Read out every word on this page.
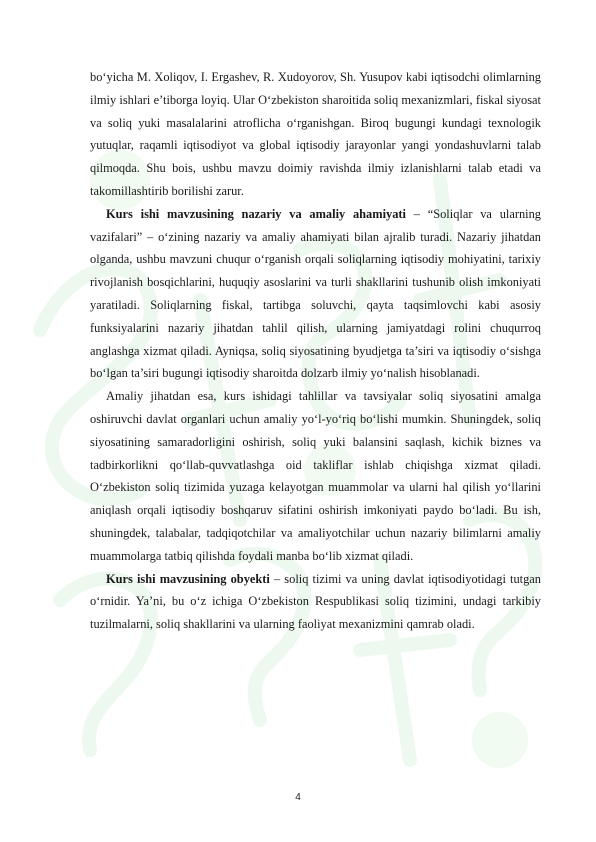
bo‘yicha M. Xoliqov, I. Ergashev, R. Xudoyorov, Sh. Yusupov kabi iqtisodchi olimlarning ilmiy ishlari e’tiborga loyiq. Ular O‘zbekiston sharoitida soliq mexanizmlari, fiskal siyosat va soliq yuki masalalarini atroflicha o‘rganishgan. Biroq bugungi kundagi texnologik yutuqlar, raqamli iqtisodiyot va global iqtisodiy jarayonlar yangi yondashuvlarni talab qilmoqda. Shu bois, ushbu mavzu doimiy ravishda ilmiy izlanishlarni talab etadi va takomillashtirib borilishi zarur.

Kurs ishi mavzusining nazariy va amaliy ahamiyati – “Soliqlar va ularning vazifalari” – o‘zining nazariy va amaliy ahamiyati bilan ajralib turadi. Nazariy jihatdan olganda, ushbu mavzuni chuqur o‘rganish orqali soliqlarning iqtisodiy mohiyatini, tarixiy rivojlanish bosqichlarini, huquqiy asoslarini va turli shakllarini tushunib olish imkoniyati yaratiladi. Soliqlarning fiskal, tartibga soluvchi, qayta taqsimlovchi kabi asosiy funksiyalarini nazariy jihatdan tahlil qilish, ularning jamiyatdagi rolini chuqurroq anglashga xizmat qiladi. Ayniqsa, soliq siyosatining byudjetga ta’siri va iqtisodiy o‘sishga bo‘lgan ta’siri bugungi iqtisodiy sharoitda dolzarb ilmiy yo‘nalish hisoblanadi.

Amaliy jihatdan esa, kurs ishidagi tahlillar va tavsiyalar soliq siyosatini amalga oshiruvchi davlat organlari uchun amaliy yo‘l-yo‘riq bo‘lishi mumkin. Shuningdek, soliq siyosatining samaradorligini oshirish, soliq yuki balansini saqlash, kichik biznes va tadbirkorlikni qo‘llab-quvvatlashga oid takliflar ishlab chiqishga xizmat qiladi. O‘zbekiston soliq tizimida yuzaga kelayotgan muammolar va ularni hal qilish yo‘llarini aniqlash orqali iqtisodiy boshqaruv sifatini oshirish imkoniyati paydo bo‘ladi. Bu ish, shuningdek, talabalar, tadqiqotchilar va amaliyotchilar uchun nazariy bilimlarni amaliy muammolarga tatbiq qilishda foydali manba bo‘lib xizmat qiladi.

Kurs ishi mavzusining obyekti – soliq tizimi va uning davlat iqtisodiyotidagi tutgan o‘rnidir. Ya’ni, bu o‘z ichiga O‘zbekiston Respublikasi soliq tizimini, undagi tarkibiy tuzilmalarni, soliq shakllarini va ularning faoliyat mexanizmini qamrab oladi.

4
